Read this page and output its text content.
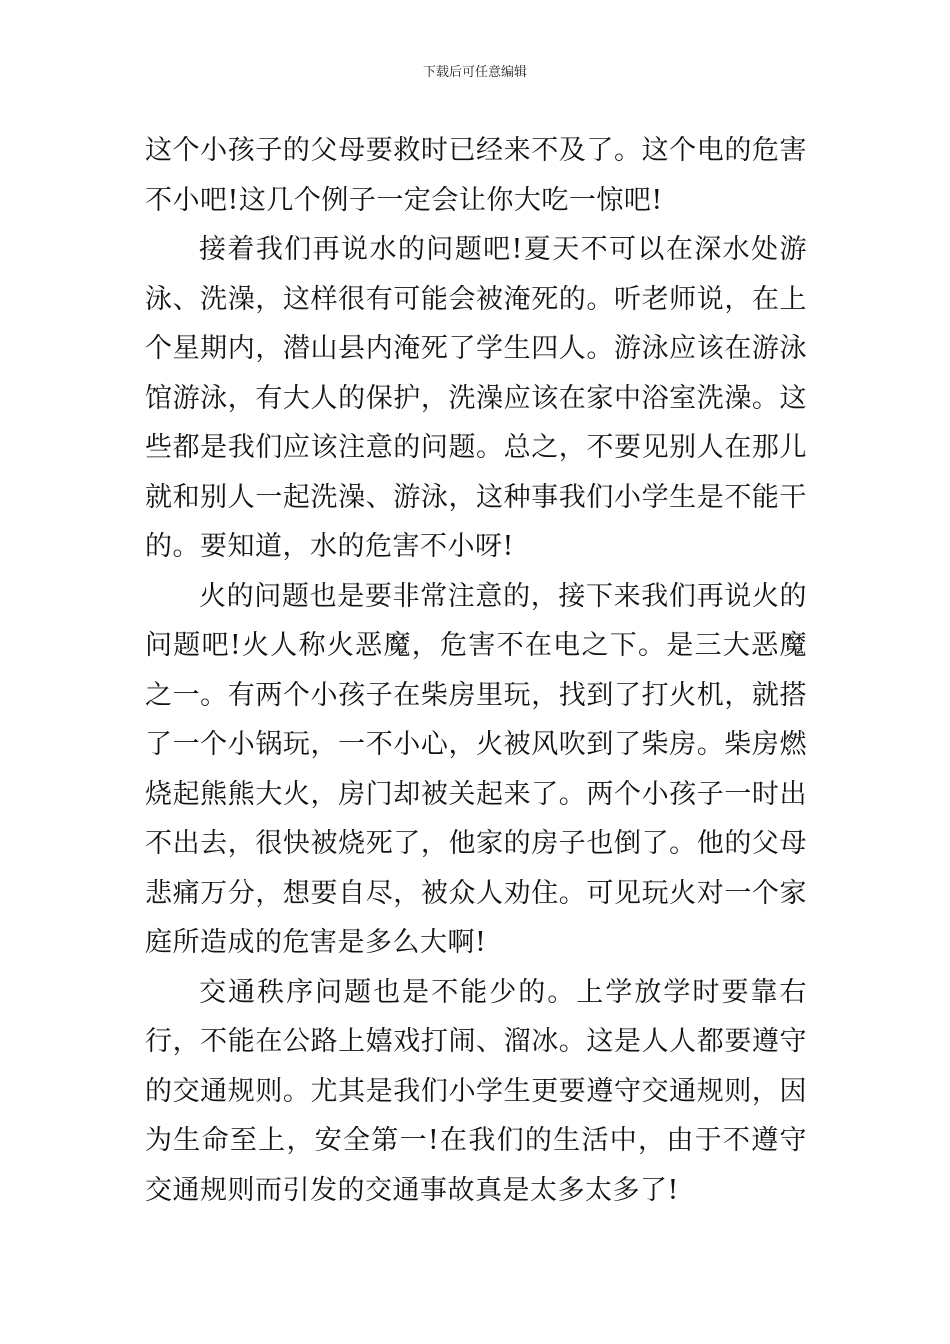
下载后可任意编辑

这个小孩子的父母要救时已经来不及了。这个电的危害不小吧!这几个例子一定会让你大吃一惊吧!

接着我们再说水的问题吧!夏天不可以在深水处游泳、洗澡，这样很有可能会被淹死的。听老师说，在上个星期内，潜山县内淹死了学生四人。游泳应该在游泳馆游泳，有大人的保护，洗澡应该在家中浴室洗澡。这些都是我们应该注意的问题。总之，不要见别人在那儿就和别人一起洗澡、游泳，这种事我们小学生是不能干的。要知道，水的危害不小呀!

火的问题也是要非常注意的，接下来我们再说火的问题吧!火人称火恶魔，危害不在电之下。是三大恶魔之一。有两个小孩子在柴房里玩，找到了打火机，就搭了一个小锅玩，一不小心，火被风吹到了柴房。柴房燃烧起熊熊大火，房门却被关起来了。两个小孩子一时出不出去，很快被烧死了，他家的房子也倒了。他的父母悲痛万分，想要自尽，被众人劝住。可见玩火对一个家庭所造成的危害是多么大啊!

交通秩序问题也是不能少的。上学放学时要靠右行，不能在公路上嬉戏打闹、溜冰。这是人人都要遵守的交通规则。尤其是我们小学生更要遵守交通规则，因为生命至上，安全第一!在我们的生活中，由于不遵守交通规则而引发的交通事故真是太多太多了!
